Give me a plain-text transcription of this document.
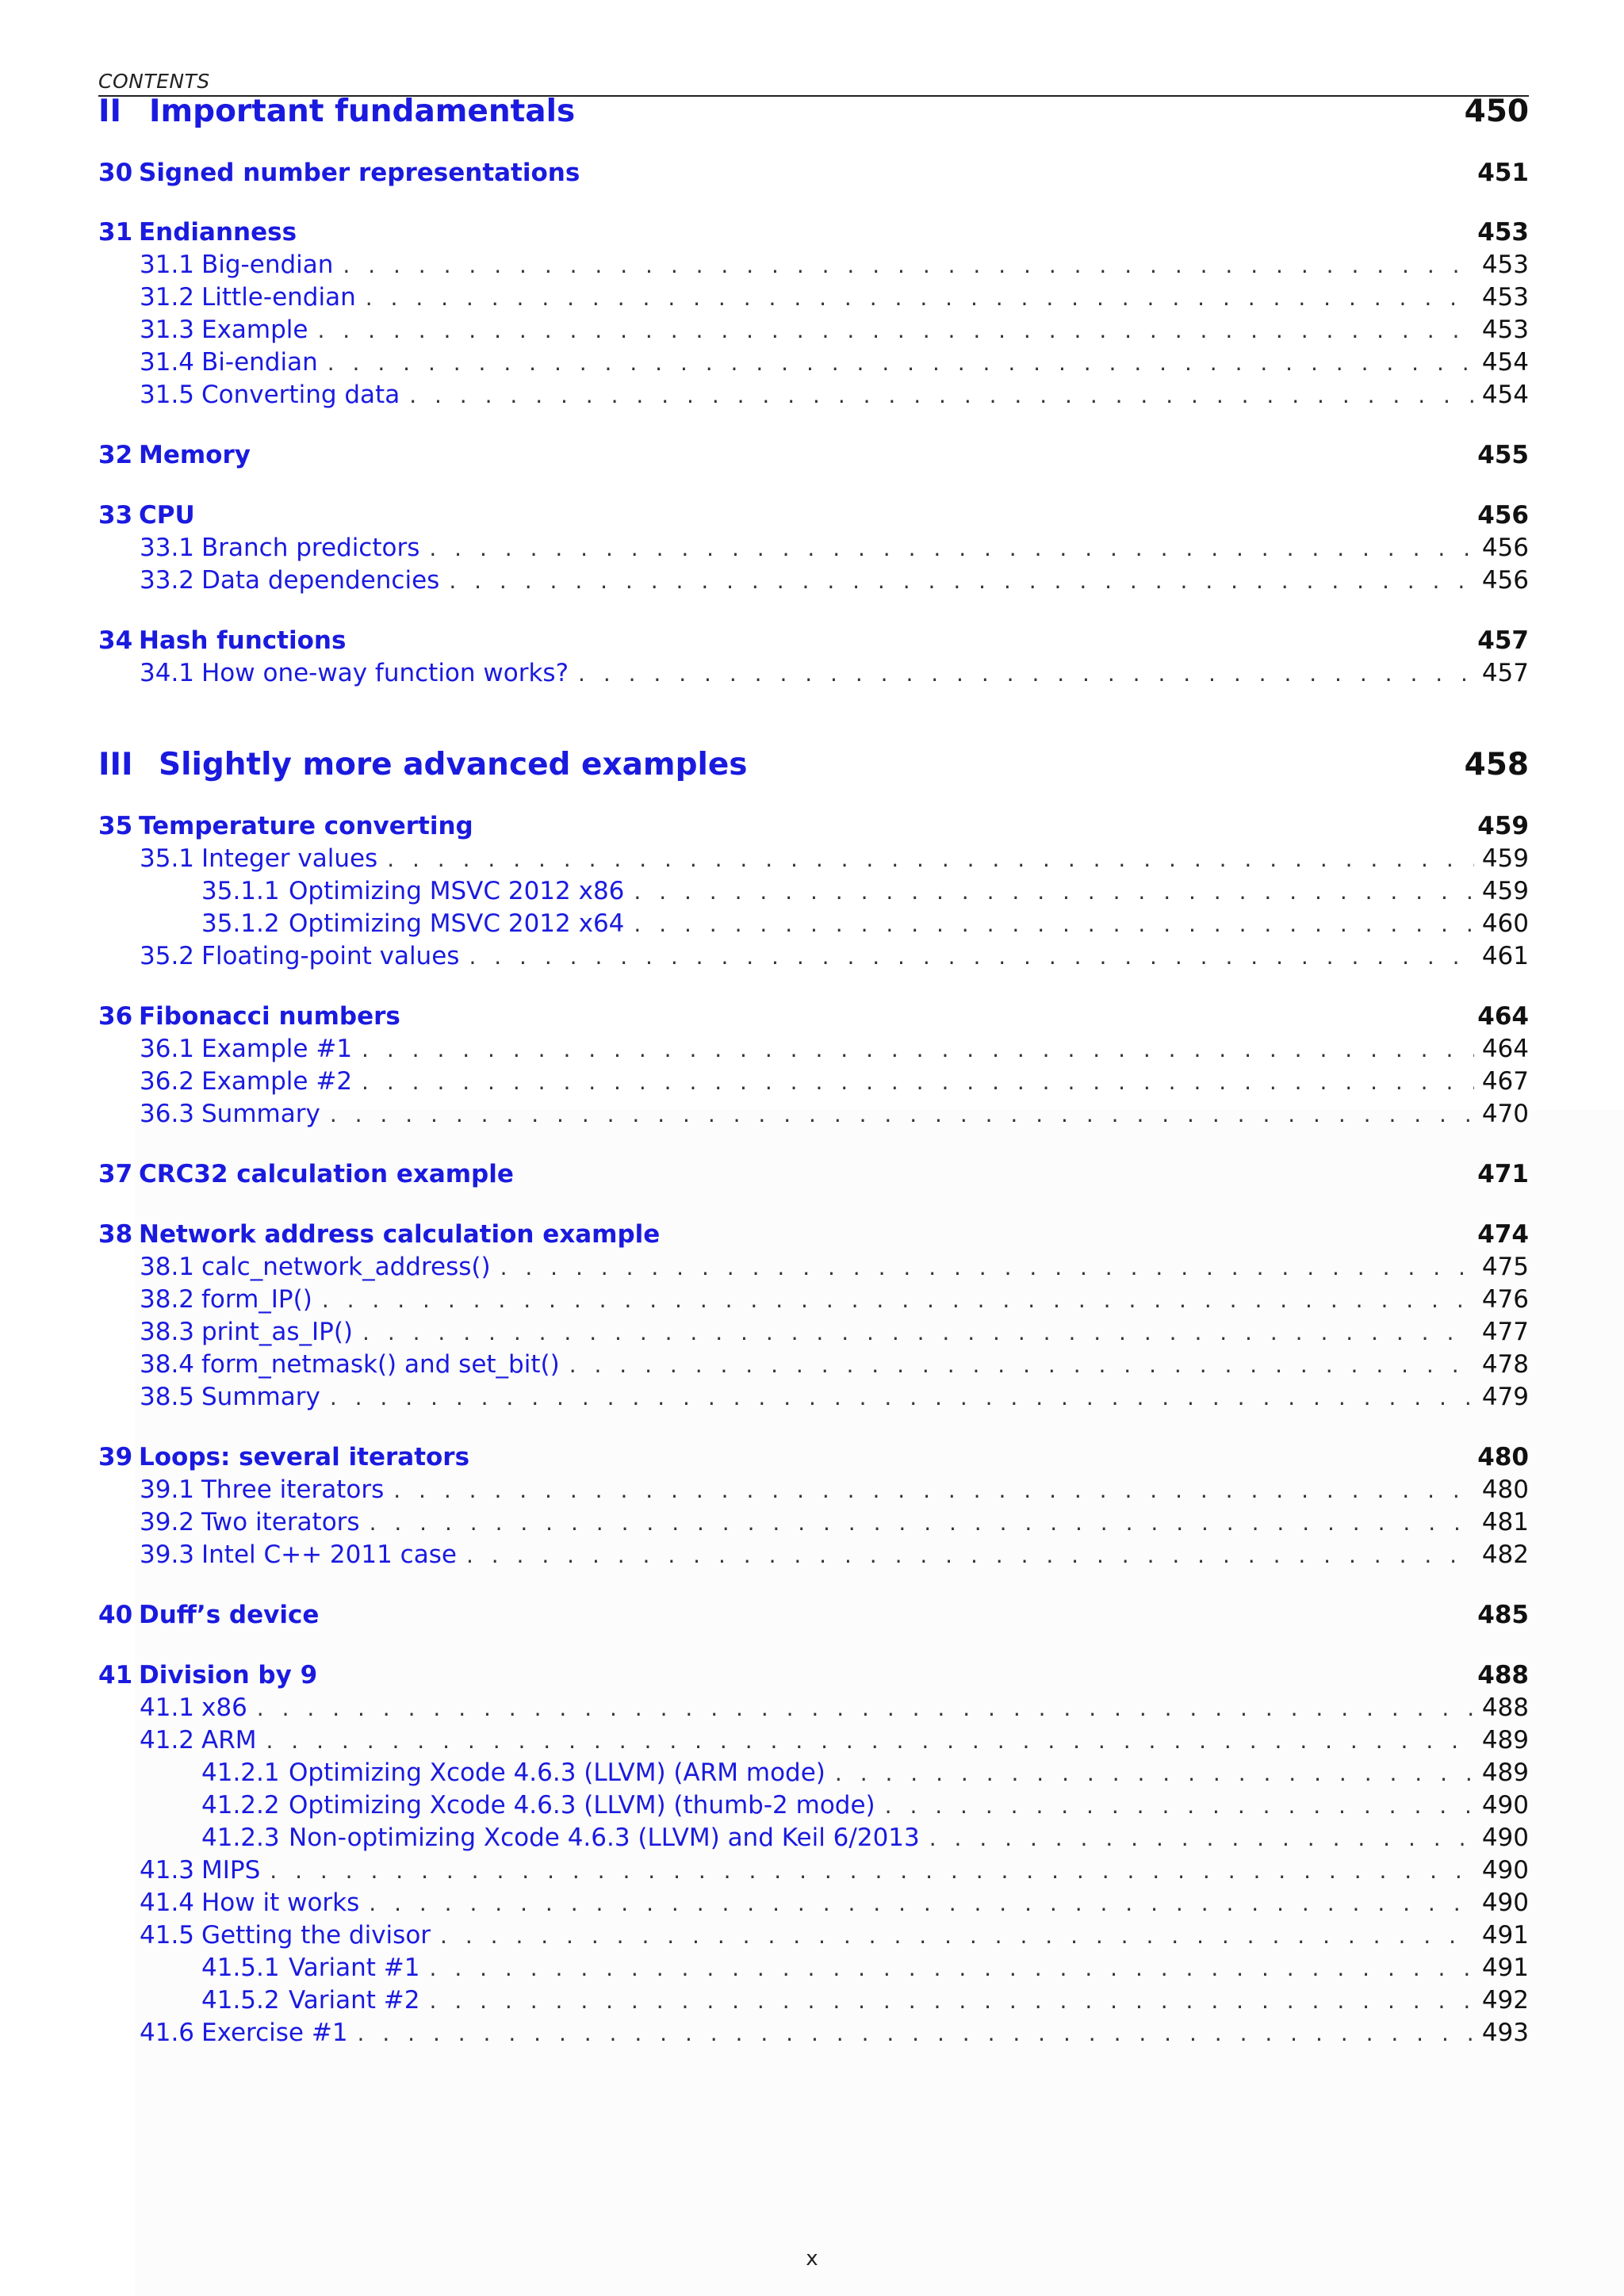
CONTENTS
II Important fundamentals	450
30 Signed number representations	451
31 Endianness	453
31.1 Big-endian . . .	453
31.2 Little-endian . . .	453
31.3 Example . . .	453
31.4 Bi-endian . . .	454
31.5 Converting data . . .	454
32 Memory	455
33 CPU	456
33.1 Branch predictors . . .	456
33.2 Data dependencies . . .	456
34 Hash functions	457
34.1 How one-way function works? . . .	457
III Slightly more advanced examples	458
35 Temperature converting	459
35.1 Integer values . . .	459
35.1.1 Optimizing MSVC 2012 x86 . . .	459
35.1.2 Optimizing MSVC 2012 x64 . . .	460
35.2 Floating-point values . . .	461
36 Fibonacci numbers	464
36.1 Example #1 . . .	464
36.2 Example #2 . . .	467
36.3 Summary . . .	470
37 CRC32 calculation example	471
38 Network address calculation example	474
38.1 calc_network_address() . . .	475
38.2 form_IP() . . .	476
38.3 print_as_IP() . . .	477
38.4 form_netmask() and set_bit() . . .	478
38.5 Summary . . .	479
39 Loops: several iterators	480
39.1 Three iterators . . .	480
39.2 Two iterators . . .	481
39.3 Intel C++ 2011 case . . .	482
40 Duff’s device	485
41 Division by 9	488
41.1 x86 . . .	488
41.2 ARM . . .	489
41.2.1 Optimizing Xcode 4.6.3 (LLVM) (ARM mode) . . .	489
41.2.2 Optimizing Xcode 4.6.3 (LLVM) (thumb-2 mode) . . .	490
41.2.3 Non-optimizing Xcode 4.6.3 (LLVM) and Keil 6/2013 . . .	490
41.3 MIPS . . .	490
41.4 How it works . . .	490
41.5 Getting the divisor . . .	491
41.5.1 Variant #1 . . .	491
41.5.2 Variant #2 . . .	492
41.6 Exercise #1 . . .	493
x
